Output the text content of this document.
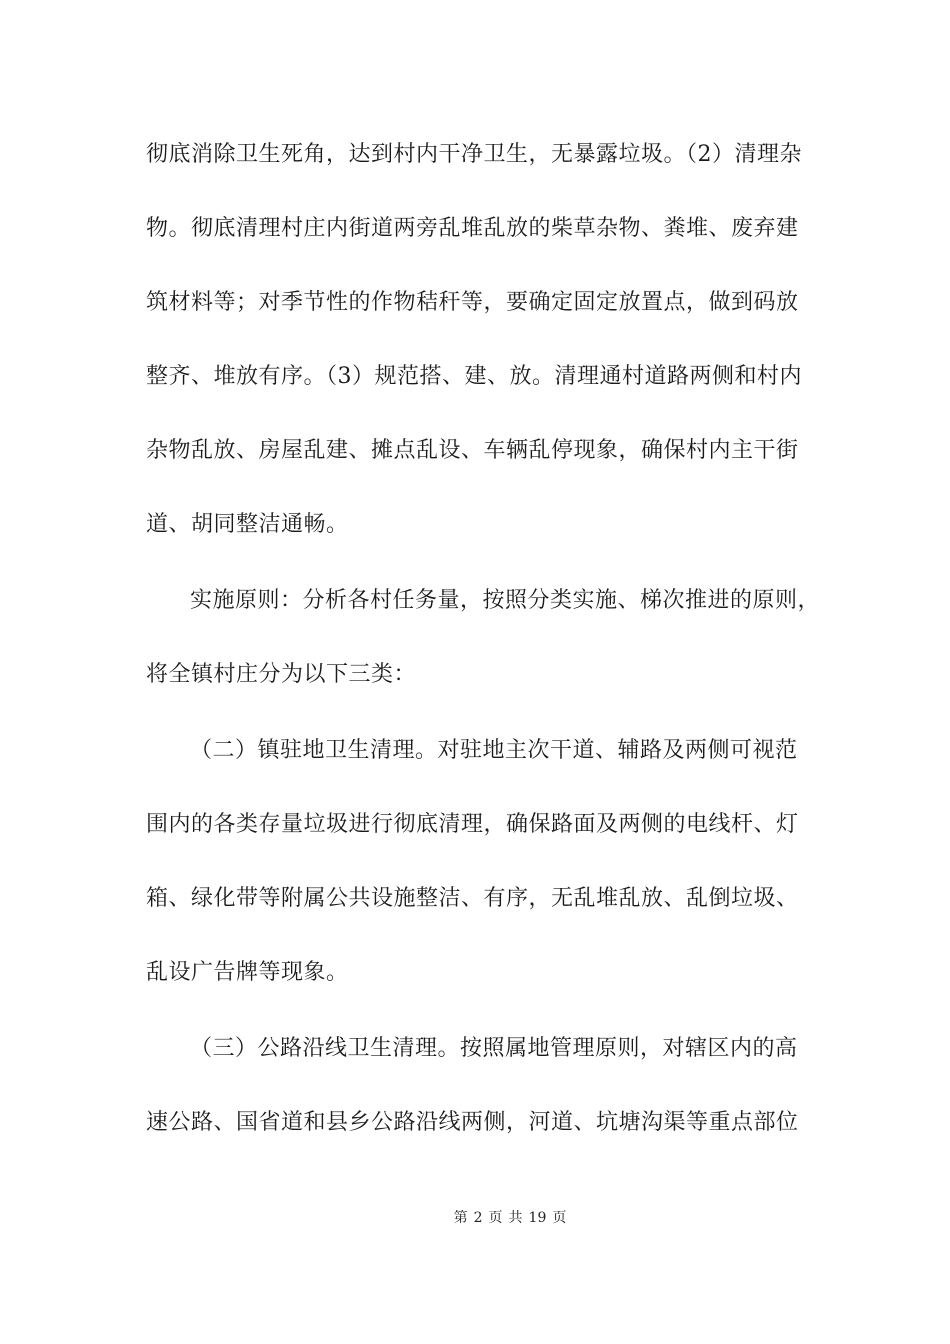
彻底消除卫生死角，达到村内干净卫生，无暴露垃圾。（2）清理杂
物。彻底清理村庄内街道两旁乱堆乱放的柴草杂物、粪堆、废弃建
筑材料等；对季节性的作物秸秆等，要确定固定放置点，做到码放
整齐、堆放有序。（3）规范搭、建、放。清理通村道路两侧和村内
杂物乱放、房屋乱建、摊点乱设、车辆乱停现象，确保村内主干街
道、胡同整洁通畅。
实施原则：分析各村任务量，按照分类实施、梯次推进的原则，
将全镇村庄分为以下三类：
（二）镇驻地卫生清理。对驻地主次干道、辅路及两侧可视范
围内的各类存量垃圾进行彻底清理，确保路面及两侧的电线杆、灯
箱、绿化带等附属公共设施整洁、有序，无乱堆乱放、乱倒垃圾、
乱设广告牌等现象。
（三）公路沿线卫生清理。按照属地管理原则，对辖区内的高
速公路、国省道和县乡公路沿线两侧，河道、坑塘沟渠等重点部位
第 2 页 共 19 页
